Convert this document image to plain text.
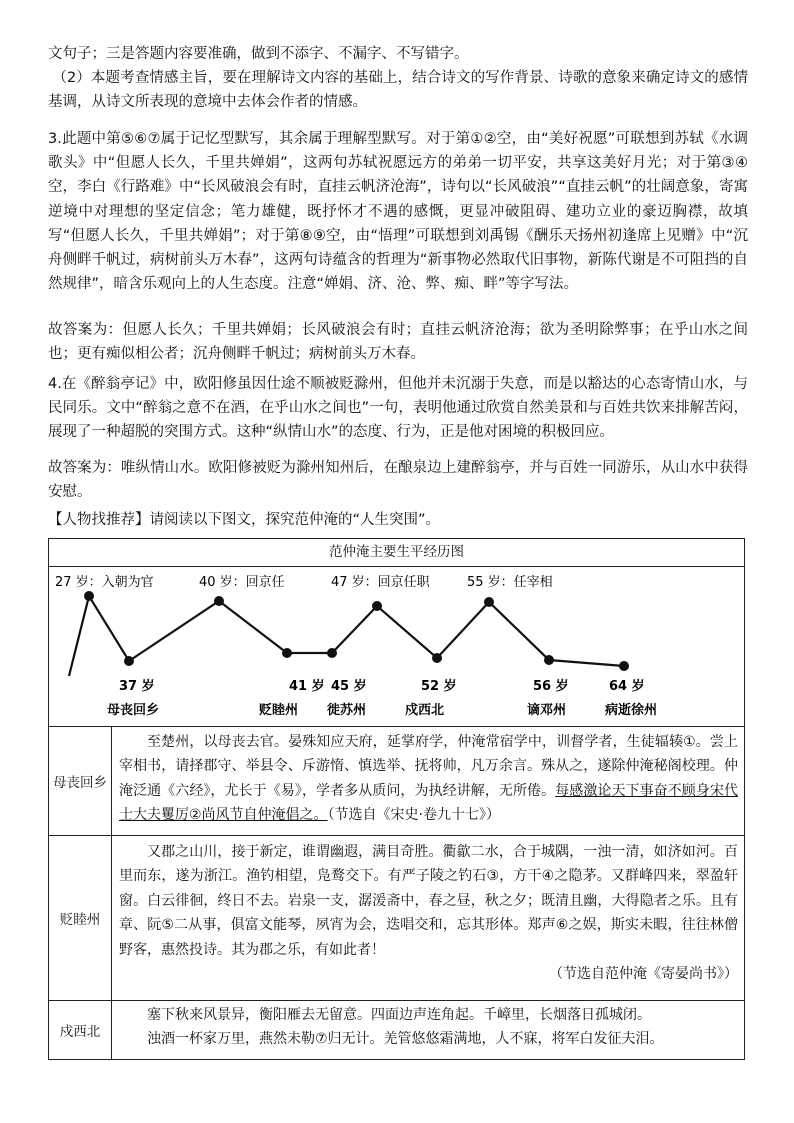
文句子；三是答题内容要准确，做到不添字、不漏字、不写错字。

（2）本题考查情感主旨，要在理解诗文内容的基础上，结合诗文的写作背景、诗歌的意象来确定诗文的感情基调，从诗文所表现的意境中去体会作者的情感。

3.此题中第⑤⑥⑦属于记忆型默写，其余属于理解型默写。对于第①②空，由“美好祝愿”可联想到苏轼《水调歌头》中“但愿人长久，千里共婵娟”，这两句苏轼祝愿远方的弟弟一切平安，共享这美好月光；对于第③④空，李白《行路难》中“长风破浪会有时，直挂云帆济沧海”，诗句以“长风破浪”“直挂云帆”的壮阔意象，寄寓逆境中对理想的坚定信念；笔力雄健，既抒怀才不遇的感慨，更显冲破阻碍、建功立业的豪迈胸襟，故填写“但愿人长久，千里共婵娟”；对于第⑧⑨空，由“悟理”可联想到刘禹锡《酬乐天扬州初逢席上见赠》中“沉舟侧畔千帆过，病树前头万木春”，这两句诗蕴含的哲理为“新事物必然取代旧事物，新陈代谢是不可阻挡的自然规律”，暗含乐观向上的人生态度。注意“婵娟、济、沧、弊、痴、畔”等字写法。

故答案为：但愿人长久；千里共婵娟；长风破浪会有时；直挂云帆济沧海；欲为圣明除弊事；在乎山水之间也；更有痴似相公者；沉舟侧畔千帆过；病树前头万木春。

4.在《醉翁亭记》中，欧阳修虽因仕途不顺被贬滁州，但他并未沉溺于失意，而是以豁达的心态寄情山水，与民同乐。文中“醉翁之意不在酒，在乎山水之间也”一句，表明他通过欣赏自然美景和与百姓共饮来排解苦闷，展现了一种超脱的突围方式。这种“纵情山水”的态度、行为，正是他对困境的积极回应。

故答案为：唯纵情山水。欧阳修被贬为滁州知州后，在酿泉边上建醉翁亭，并与百姓一同游乐，从山水中获得安慰。

【人物找推荐】请阅读以下图文，探究范仲淹的“人生突围”。

范仲淹主要生平经历图
27 岁：入朝为官	40 岁：回京任	47 岁：回京任职	55 岁：任宰相
37 岁	41 岁 45 岁	52 岁	56 岁	64 岁
母丧回乡	贬睦州 徙苏州	戍西北	谪邓州	病逝徐州
母丧回乡

至楚州，以母丧去官。晏殊知应天府，延掌府学，仲淹常宿学中，训督学者，生徒辐辏①。尝上宰相书，请择郡守、举县令、斥游惰、慎选举、抚将帅，凡万余言。殊从之，遂除仲淹秘阁校理。仲淹泛通《六经》，尤长于《易》，学者多从质问，为执经讲解，无所倦。每感激论天下事奋不顾身宋代士大夫矍厉②尚风节自仲淹倡之。（节选自《宋史·卷九十七》）

贬睦州

又郡之山川，接于新定，谁谓幽遐，满目奇胜。衢歙二水，合于城隅，一浊一清，如济如河。百里而东，遂为浙江。渔钓相望，凫鹜交下。有严子陵之钓石③，方干④之隐茅。又群峰四来，翠盈轩窗。白云徘徊，终日不去。岩泉一支，潺湲斋中，春之昼，秋之夕；既清且幽，大得隐者之乐。且有章、阮⑤二从事，俱富文能琴，夙宵为会，迭唱交和，忘其形体。郑声⑥之娱，斯实未暇，往往林僧野客，惠然投诗。其为郡之乐，有如此者！

（节选自范仲淹《寄晏尚书》）

戍西北

塞下秋来风景异，衡阳雁去无留意。四面边声连角起。千嶂里，长烟落日孤城闭。

浊酒一杯家万里，燕然未勒⑦归无计。羌管悠悠霜满地，人不寐，将军白发征夫泪。
